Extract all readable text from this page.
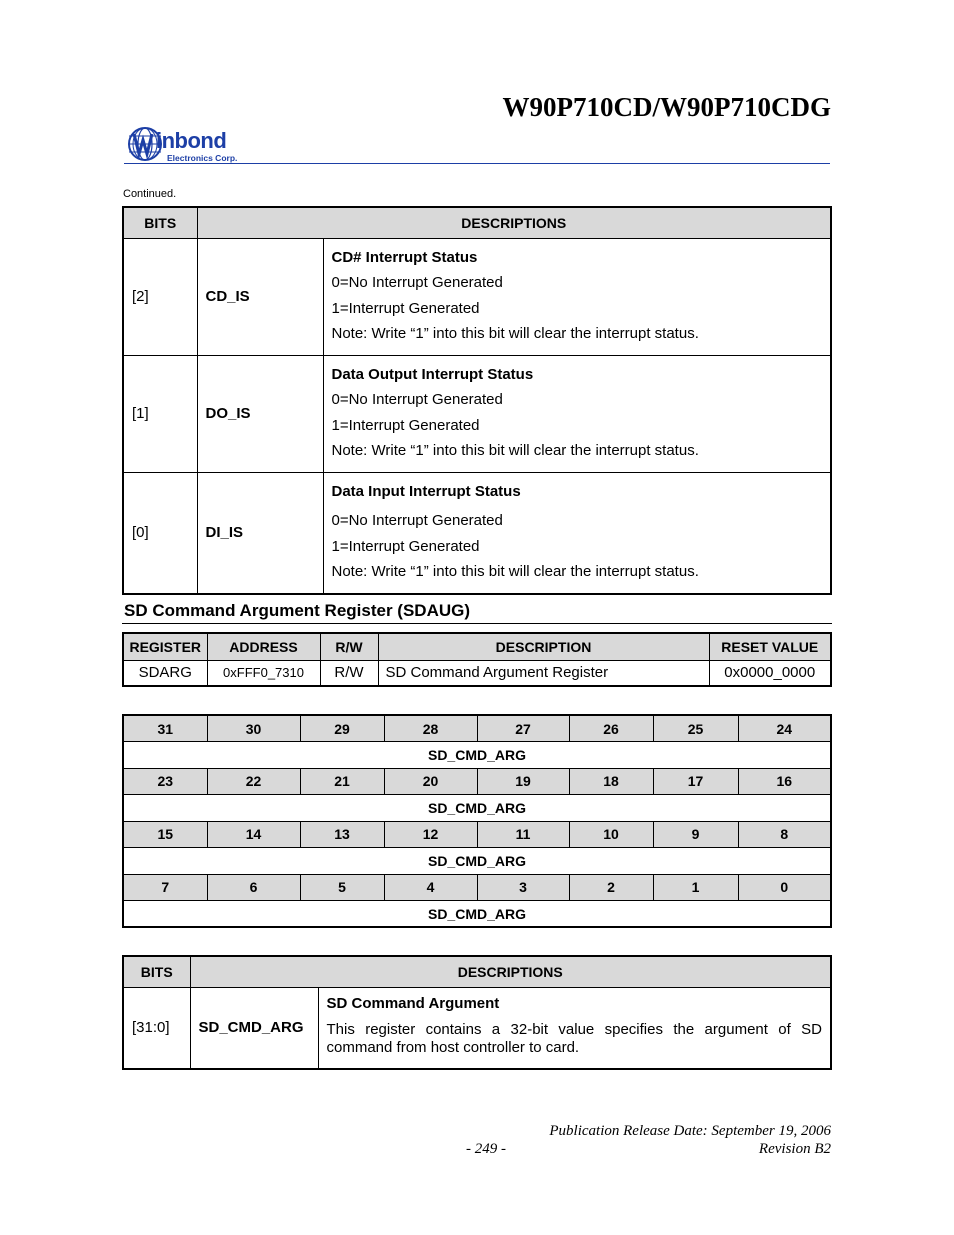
W90P710CD/W90P710CDG
inbond
Electronics Corp.
Continued.
BITS	DESCRIPTIONS	
[2]	CD_IS	CD# Interrupt Status
0=No Interrupt Generated
1=Interrupt Generated
Note: Write “1” into this bit will clear the interrupt status.

[1]	DO_IS	Data Output Interrupt Status
0=No Interrupt Generated
1=Interrupt Generated
Note: Write “1” into this bit will clear the interrupt status.

[0]	DI_IS	Data Input Interrupt Status
0=No Interrupt Generated
1=Interrupt Generated
Note: Write “1” into this bit will clear the interrupt status.
SD Command Argument Register (SDAUG)
REGISTER	ADDRESS	R/W	DESCRIPTION	RESET VALUE
SDARG	0xFFF0_7310	R/W	SD Command Argument Register	0x0000_0000
31	30	29	28	27	26	25	24
SD_CMD_ARG							
23	22	21	20	19	18	17	16
SD_CMD_ARG							
15	14	13	12	11	10	9	8
SD_CMD_ARG							
7	6	5	4	3	2	1	0
SD_CMD_ARG							
BITS	DESCRIPTIONS	
[31:0]	SD_CMD_ARG	SD Command Argument
This register contains a 32-bit value specifies the argument of SD command from host controller to card.
Publication Release Date: September 19, 2006
- 249 -	Revision B2
